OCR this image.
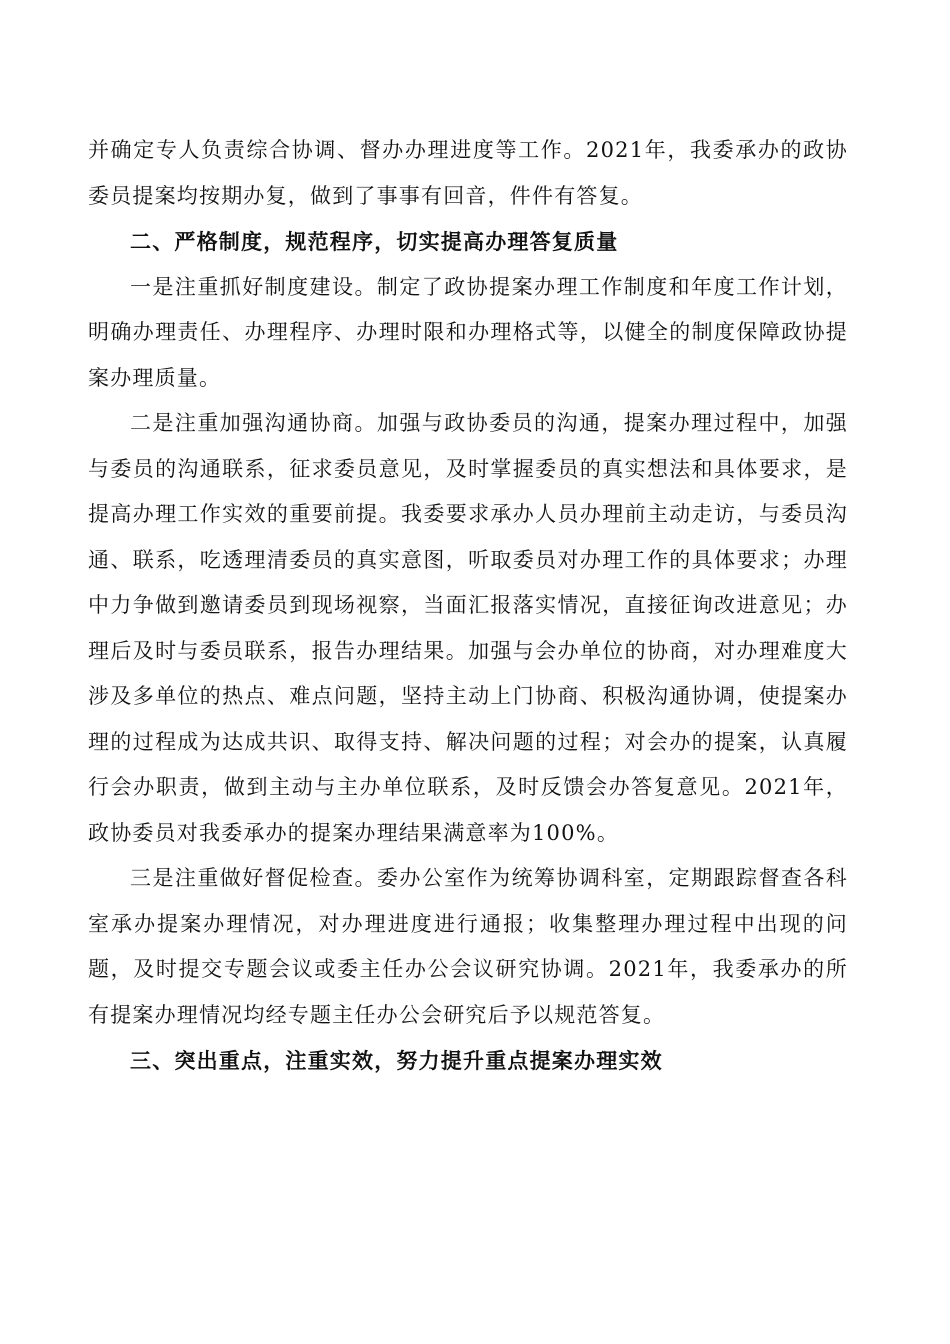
并确定专人负责综合协调、督办办理进度等工作。2021年，我委承办的政协委员提案均按期办复，做到了事事有回音，件件有答复。

二、严格制度，规范程序，切实提高办理答复质量

一是注重抓好制度建设。制定了政协提案办理工作制度和年度工作计划，明确办理责任、办理程序、办理时限和办理格式等，以健全的制度保障政协提案办理质量。

二是注重加强沟通协商。加强与政协委员的沟通，提案办理过程中，加强与委员的沟通联系，征求委员意见，及时掌握委员的真实想法和具体要求，是提高办理工作实效的重要前提。我委要求承办人员办理前主动走访，与委员沟通、联系，吃透理清委员的真实意图，听取委员对办理工作的具体要求；办理中力争做到邀请委员到现场视察，当面汇报落实情况，直接征询改进意见；办理后及时与委员联系，报告办理结果。加强与会办单位的协商，对办理难度大涉及多单位的热点、难点问题，坚持主动上门协商、积极沟通协调，使提案办理的过程成为达成共识、取得支持、解决问题的过程；对会办的提案，认真履行会办职责，做到主动与主办单位联系，及时反馈会办答复意见。2021年，政协委员对我委承办的提案办理结果满意率为100%。

三是注重做好督促检查。委办公室作为统筹协调科室，定期跟踪督查各科室承办提案办理情况，对办理进度进行通报；收集整理办理过程中出现的问题，及时提交专题会议或委主任办公会议研究协调。2021年，我委承办的所有提案办理情况均经专题主任办公会研究后予以规范答复。

三、突出重点，注重实效，努力提升重点提案办理实效
